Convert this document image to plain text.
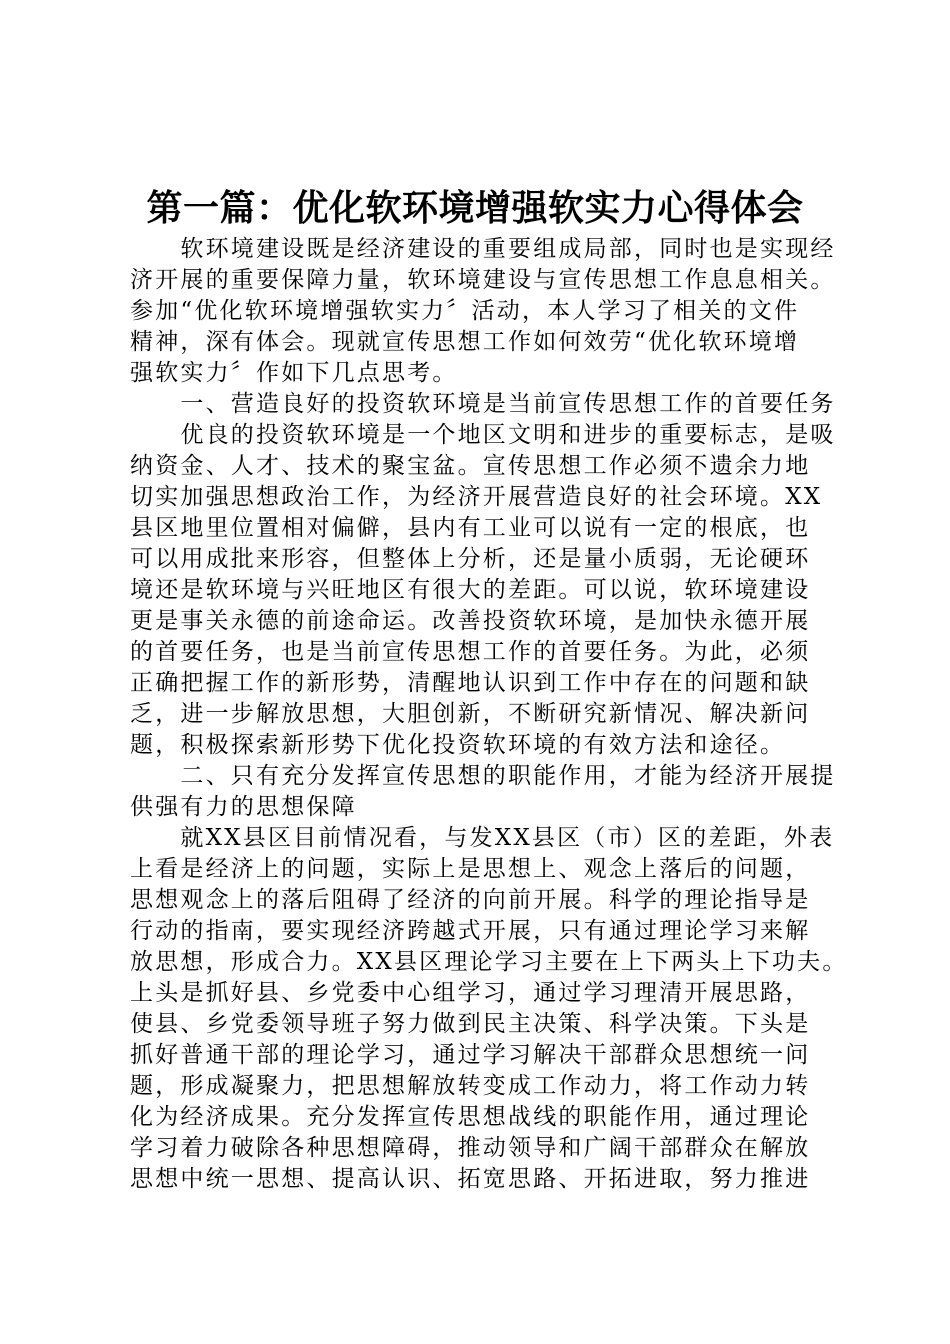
第一篇：优化软环境增强软实力心得体会
　　软环境建设既是经济建设的重要组成局部，同时也是实现经
济开展的重要保障力量，软环境建设与宣传思想工作息息相关。
参加“优化软环境增强软实力〞活动，本人学习了相关的文件
精神，深有体会。现就宣传思想工作如何效劳“优化软环境增
强软实力〞作如下几点思考。
　　一、营造良好的投资软环境是当前宣传思想工作的首要任务
　　优良的投资软环境是一个地区文明和进步的重要标志，是吸
纳资金、人才、技术的聚宝盆。宣传思想工作必须不遗余力地
切实加强思想政治工作，为经济开展营造良好的社会环境。XX
县区地里位置相对偏僻，县内有工业可以说有一定的根底，也
可以用成批来形容，但整体上分析，还是量小质弱，无论硬环
境还是软环境与兴旺地区有很大的差距。可以说，软环境建设
更是事关永德的前途命运。改善投资软环境，是加快永德开展
的首要任务，也是当前宣传思想工作的首要任务。为此，必须
正确把握工作的新形势，清醒地认识到工作中存在的问题和缺
乏，进一步解放思想，大胆创新，不断研究新情况、解决新问
题，积极探索新形势下优化投资软环境的有效方法和途径。
　　二、只有充分发挥宣传思想的职能作用，才能为经济开展提
供强有力的思想保障
　　就XX县区目前情况看，与发XX县区（市）区的差距，外表
上看是经济上的问题，实际上是思想上、观念上落后的问题，
思想观念上的落后阻碍了经济的向前开展。科学的理论指导是
行动的指南，要实现经济跨越式开展，只有通过理论学习来解
放思想，形成合力。XX县区理论学习主要在上下两头上下功夫。
上头是抓好县、乡党委中心组学习，通过学习理清开展思路，
使县、乡党委领导班子努力做到民主决策、科学决策。下头是
抓好普通干部的理论学习，通过学习解决干部群众思想统一问
题，形成凝聚力，把思想解放转变成工作动力，将工作动力转
化为经济成果。充分发挥宣传思想战线的职能作用，通过理论
学习着力破除各种思想障碍，推动领导和广阔干部群众在解放
思想中统一思想、提高认识、拓宽思路、开拓进取，努力推进
